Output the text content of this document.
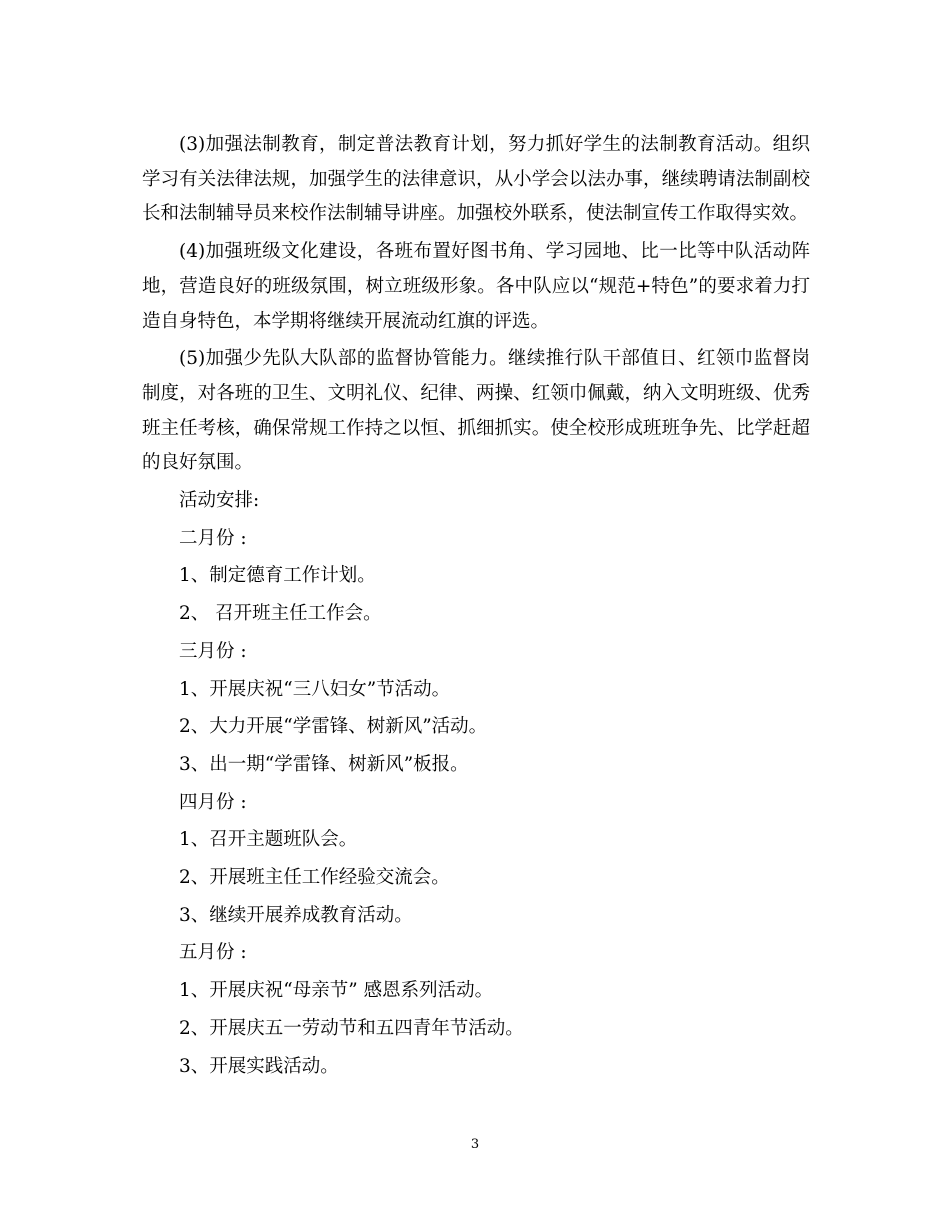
(3)加强法制教育，制定普法教育计划，努力抓好学生的法制教育活动。组织学习有关法律法规，加强学生的法律意识，从小学会以法办事，继续聘请法制副校长和法制辅导员来校作法制辅导讲座。加强校外联系，使法制宣传工作取得实效。

(4)加强班级文化建设，各班布置好图书角、学习园地、比一比等中队活动阵地，营造良好的班级氛围，树立班级形象。各中队应以“规范+特色”的要求着力打造自身特色，本学期将继续开展流动红旗的评选。

(5)加强少先队大队部的监督协管能力。继续推行队干部值日、红领巾监督岗制度，对各班的卫生、文明礼仪、纪律、两操、红领巾佩戴，纳入文明班级、优秀班主任考核，确保常规工作持之以恒、抓细抓实。使全校形成班班争先、比学赶超的良好氛围。

活动安排:
二月份 :
1、制定德育工作计划。
2、 召开班主任工作会。
三月份 :
1、开展庆祝“三八妇女”节活动。
2、大力开展“学雷锋、树新风”活动。
3、出一期“学雷锋、树新风”板报。
四月份 :
1、召开主题班队会。
2、开展班主任工作经验交流会。
3、继续开展养成教育活动。
五月份 :
1、开展庆祝“母亲节” 感恩系列活动。
2、开展庆五一劳动节和五四青年节活动。
3、开展实践活动。
3
